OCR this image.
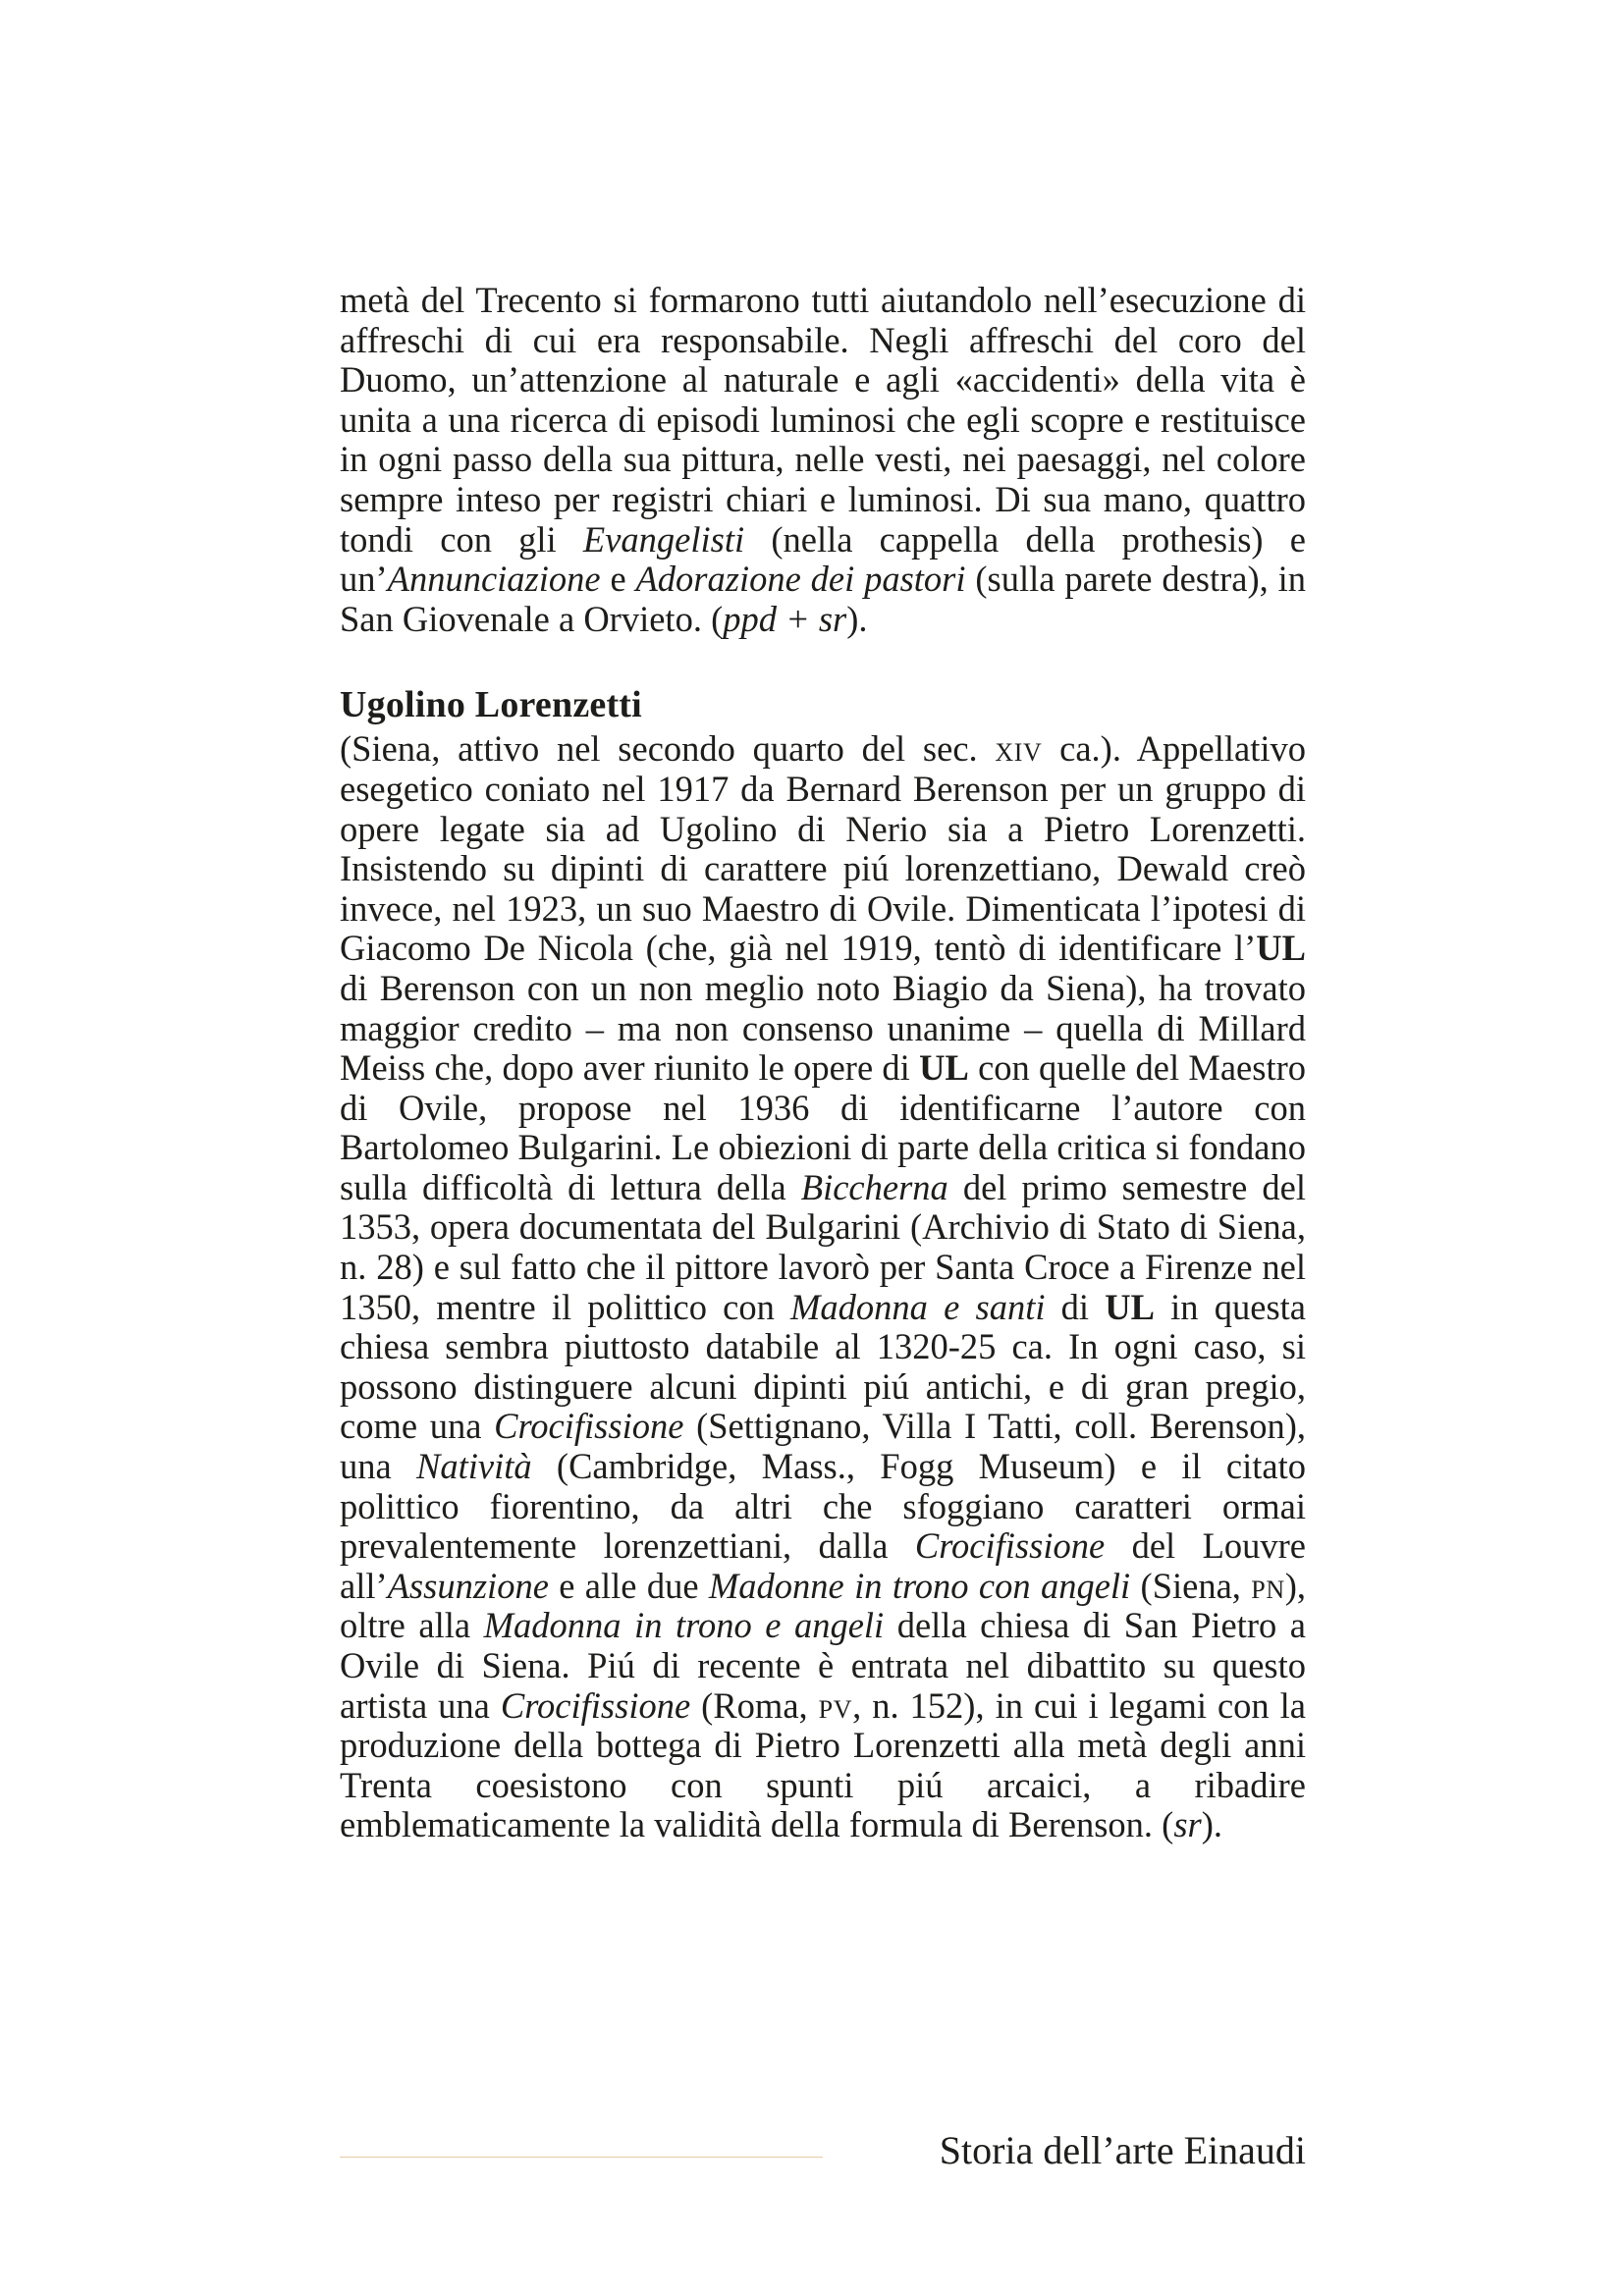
metà del Trecento si formarono tutti aiutandolo nell’esecuzione di affreschi di cui era responsabile. Negli affreschi del coro del Duomo, un’attenzione al naturale e agli «accidenti» della vita è unita a una ricerca di episodi luminosi che egli scopre e restituisce in ogni passo della sua pittura, nelle vesti, nei paesaggi, nel colore sempre inteso per registri chiari e luminosi. Di sua mano, quattro tondi con gli Evangelisti (nella cappella della prothesis) e un’Annunciazione e Adorazione dei pastori (sulla parete destra), in San Giovenale a Orvieto. (ppd + sr).

Ugolino Lorenzetti

(Siena, attivo nel secondo quarto del sec. xiv ca.). Appellativo esegetico coniato nel 1917 da Bernard Berenson per un gruppo di opere legate sia ad Ugolino di Nerio sia a Pietro Lorenzetti. Insistendo su dipinti di carattere piú lorenzettiano, Dewald creò invece, nel 1923, un suo Maestro di Ovile. Dimenticata l’ipotesi di Giacomo De Nicola (che, già nel 1919, tentò di identificare l’UL di Berenson con un non meglio noto Biagio da Siena), ha trovato maggior credito – ma non consenso unanime – quella di Millard Meiss che, dopo aver riunito le opere di UL con quelle del Maestro di Ovile, propose nel 1936 di identificarne l’autore con Bartolomeo Bulgarini. Le obiezioni di parte della critica si fondano sulla difficoltà di lettura della Biccherna del primo semestre del 1353, opera documentata del Bulgarini (Archivio di Stato di Siena, n. 28) e sul fatto che il pittore lavorò per Santa Croce a Firenze nel 1350, mentre il polittico con Madonna e santi di UL in questa chiesa sembra piuttosto databile al 1320-25 ca. In ogni caso, si possono distinguere alcuni dipinti piú antichi, e di gran pregio, come una Crocifissione (Settignano, Villa I Tatti, coll. Berenson), una Natività (Cambridge, Mass., Fogg Museum) e il citato polittico fiorentino, da altri che sfoggiano caratteri ormai prevalentemente lorenzettiani, dalla Crocifissione del Louvre all’Assunzione e alle due Madonne in trono con angeli (Siena, pn), oltre alla Madonna in trono e angeli della chiesa di San Pietro a Ovile di Siena. Piú di recente è entrata nel dibattito su questo artista una Crocifissione (Roma, pv, n. 152), in cui i legami con la produzione della bottega di Pietro Lorenzetti alla metà degli anni Trenta coesistono con spunti piú arcaici, a ribadire emblematicamente la validità della formula di Berenson. (sr).

Storia dell’arte Einaudi
